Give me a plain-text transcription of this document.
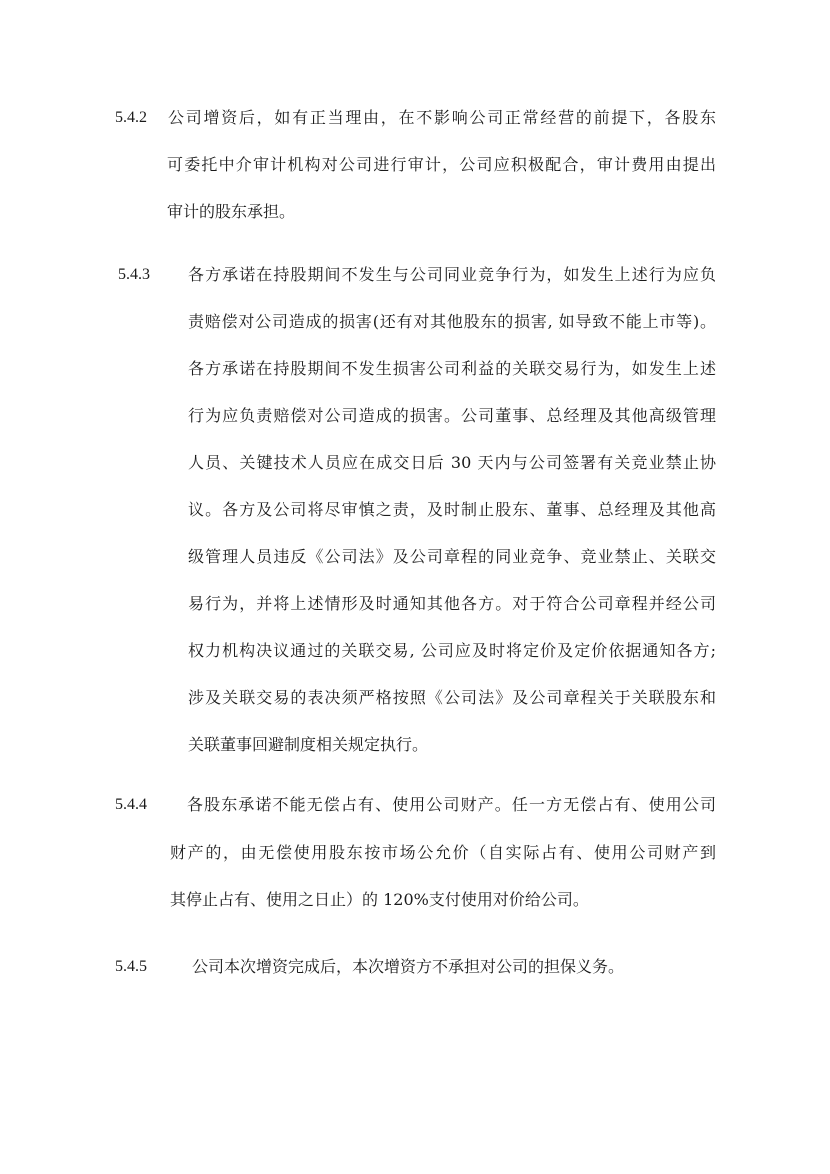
5.4.2 公司增资后，如有正当理由，在不影响公司正常经营的前提下，各股东
可委托中介审计机构对公司进行审计，公司应积极配合，审计费用由提出
审计的股东承担。
5.4.3 各方承诺在持股期间不发生与公司同业竞争行为，如发生上述行为应负
责赔偿对公司造成的损害(还有对其他股东的损害, 如导致不能上市等)。
各方承诺在持股期间不发生损害公司利益的关联交易行为，如发生上述
行为应负责赔偿对公司造成的损害。公司董事、总经理及其他高级管理
人员、关键技术人员应在成交日后 30 天内与公司签署有关竞业禁止协
议。各方及公司将尽审慎之责，及时制止股东、董事、总经理及其他高
级管理人员违反《公司法》及公司章程的同业竞争、竞业禁止、关联交
易行为，并将上述情形及时通知其他各方。对于符合公司章程并经公司
权力机构决议通过的关联交易, 公司应及时将定价及定价依据通知各方;
涉及关联交易的表决须严格按照《公司法》及公司章程关于关联股东和
关联董事回避制度相关规定执行。
5.4.4	各股东承诺不能无偿占有、使用公司财产。任一方无偿占有、使用公司
财产的，由无偿使用股东按市场公允价（自实际占有、使用公司财产到
其停止占有、使用之日止）的 120%支付使用对价给公司。
5.4.5	公司本次增资完成后，本次增资方不承担对公司的担保义务。
